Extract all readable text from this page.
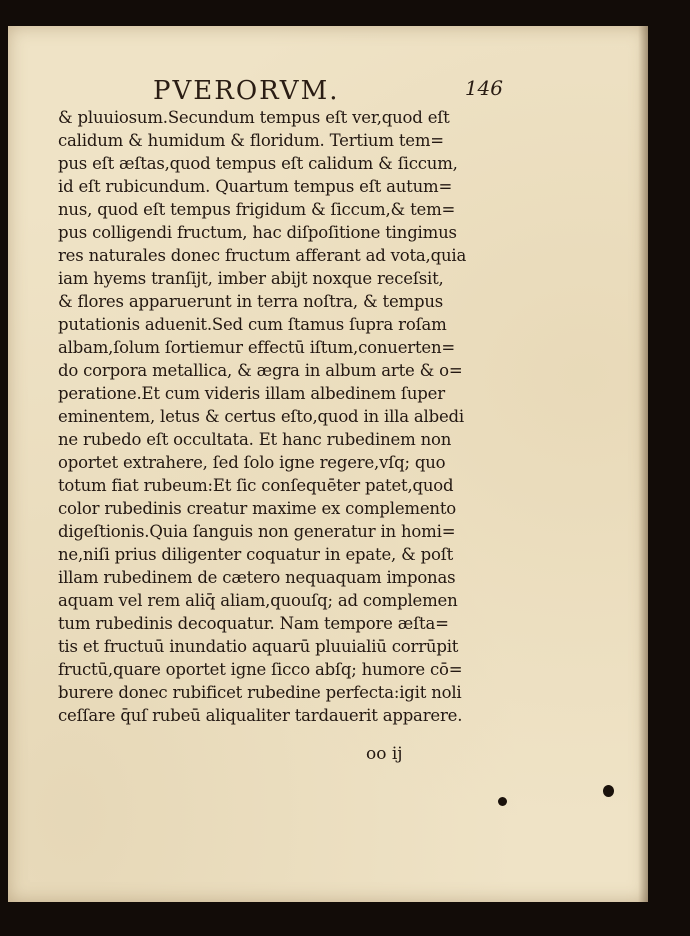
PVERORVM.	146
& pluuiosum.Secundum tempus eſt ver,quod eſt
calidum & humidum & floridum. Tertium tem=
pus eſt æſtas,quod tempus eſt calidum & ſiccum,
id eſt rubicundum. Quartum tempus eſt autum=
nus, quod eſt tempus frigidum & ſiccum,& tem=
pus colligendi fructum, hac diſpoſitione tingimus
res naturales donec fructum afferant ad vota,quia
iam hyems tranſijt, imber abijt noxque receſsit,
& flores apparuerunt in terra noſtra, & tempus
putationis aduenit.Sed cum ſtamus ſupra roſam
albam,ſolum ſortiemur effectū iſtum,conuerten=
do corpora metallica, & ægra in album arte & o=
peratione.Et cum videris illam albedinem ſuper
eminentem, letus & certus eſto,quod in illa albedi
ne rubedo eſt occultata. Et hanc rubedinem non
oportet extrahere, ſed ſolo igne regere,vſq; quo
totum fiat rubeum:Et ſic conſequēter patet,quod
color rubedinis creatur maxime ex complemento
digeſtionis.Quia ſanguis non generatur in homi=
ne,niſi prius diligenter coquatur in epate, & poſt
illam rubedinem de cætero nequaquam imponas
aquam vel rem aliq̄ aliam,quouſq; ad complemen
tum rubedinis decoquatur. Nam tempore æſta=
tis et fructuū inundatio aquarū pluuialiū corrūpit
fructū,quare oportet igne ſicco abſq; humore cō=
burere donec rubificet rubedine perfecta:igit noli
ceſſare q̄uſ rubeū aliqualiter tardauerit apparere.
oo ij
